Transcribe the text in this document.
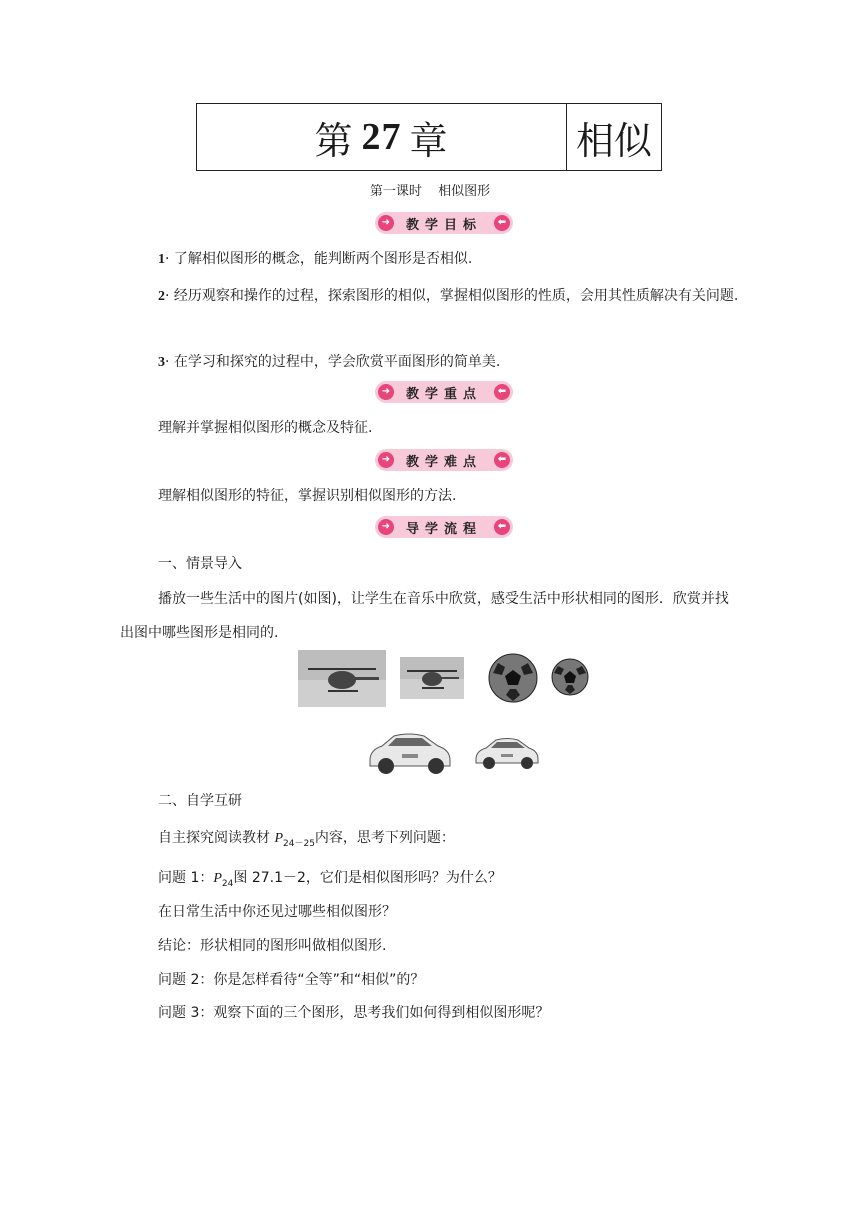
第 27 章	相似
第一课时 相似图形
➜ 教学目标	⬅
1· 了解相似图形的概念，能判断两个图形是否相似.
2· 经历观察和操作的过程，探索图形的相似，掌握相似图形的性质，会用其性质解决有关问题.
3· 在学习和探究的过程中，学会欣赏平面图形的简单美.
➜ 教学重点	⬅
理解并掌握相似图形的概念及特征.
➜ 教学难点	⬅
理解相似图形的特征，掌握识别相似图形的方法.
➜ 导学流程	⬅
一、情景导入
播放一些生活中的图片(如图)，让学生在音乐中欣赏，感受生活中形状相同的图形．欣赏并找出图中哪些图形是相同的.
二、自学互研
自主探究阅读教材 $P_{24-25}$内容，思考下列问题：
问题 1：$P_{24}$图 27.1－2，它们是相似图形吗？为什么？
在日常生活中你还见过哪些相似图形？
结论：形状相同的图形叫做相似图形.
问题 2：你是怎样看待“全等”和“相似”的？
问题 3：观察下面的三个图形，思考我们如何得到相似图形呢？
